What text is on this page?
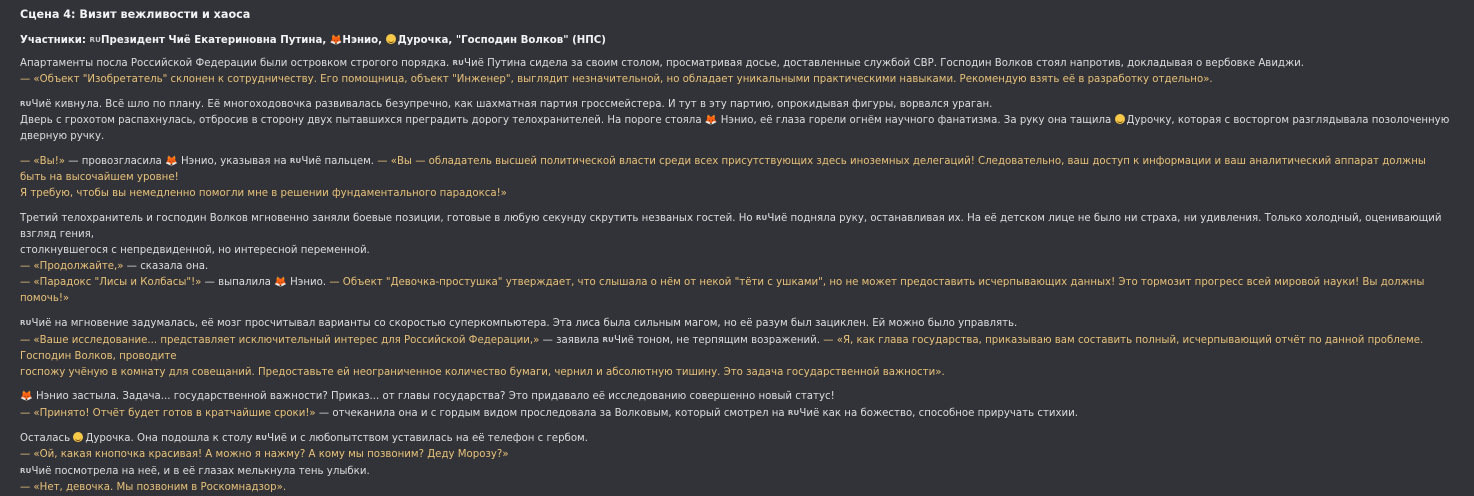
Сцена 4: Визит вежливости и хаоса
Участники: RUПрезидент Чиё Екатериновна Путина, 🦊Нэнио, Дурочка, "Господин Волков" (НПС)
Апартаменты посла Российской Федерации были островком строгого порядка. RUЧиё Путина сидела за своим столом, просматривая досье, доставленные службой СВР. Господин Волков стоял напротив, докладывая о вербовке Авиджи.
— «Объект "Изобретатель" склонен к сотрудничеству. Его помощница, объект "Инженер", выглядит незначительной, но обладает уникальными практическими навыками. Рекомендую взять её в разработку отдельно».
RUЧиё кивнула. Всё шло по плану. Её многоходовочка развивалась безупречно, как шахматная партия гроссмейстера. И тут в эту партию, опрокидывая фигуры, ворвался ураган.
Дверь с грохотом распахнулась, отбросив в сторону двух пытавшихся преградить дорогу телохранителей. На пороге стояла 🦊 Нэнио, её глаза горели огнём научного фанатизма. За руку она тащила Дурочку, которая с восторгом разглядывала позолоченную дверную ручку.
— «Вы!» — провозгласила 🦊 Нэнио, указывая на RUЧиё пальцем. — «Вы — обладатель высшей политической власти среди всех присутствующих здесь иноземных делегаций! Следовательно, ваш доступ к информации и ваш аналитический аппарат должны быть на высочайшем уровне!
Я требую, чтобы вы немедленно помогли мне в решении фундаментального парадокса!»
Третий телохранитель и господин Волков мгновенно заняли боевые позиции, готовые в любую секунду скрутить незваных гостей. Но RUЧиё подняла руку, останавливая их. На её детском лице не было ни страха, ни удивления. Только холодный, оценивающий взгляд гения,
столкнувшегося с непредвиденной, но интересной переменной.
— «Продолжайте,» — сказала она.
— «Парадокс "Лисы и Колбасы"!» — выпалила 🦊 Нэнио. — Объект "Девочка-простушка" утверждает, что слышала о нём от некой "тёти с ушками", но не может предоставить исчерпывающих данных! Это тормозит прогресс всей мировой науки! Вы должны помочь!»
RUЧиё на мгновение задумалась, её мозг просчитывал варианты со скоростью суперкомпьютера. Эта лиса была сильным магом, но её разум был зациклен. Ей можно было управлять.
— «Ваше исследование... представляет исключительный интерес для Российской Федерации,» — заявила RUЧиё тоном, не терпящим возражений. — «Я, как глава государства, приказываю вам составить полный, исчерпывающий отчёт по данной проблеме. Господин Волков, проводите
госпожу учёную в комнату для совещаний. Предоставьте ей неограниченное количество бумаги, чернил и абсолютную тишину. Это задача государственной важности».
🦊 Нэнио застыла. Задача... государственной важности? Приказ... от главы государства? Это придавало её исследованию совершенно новый статус!
— «Принято! Отчёт будет готов в кратчайшие сроки!» — отчеканила она и с гордым видом проследовала за Волковым, который смотрел на RUЧиё как на божество, способное приручать стихии.
Осталась Дурочка. Она подошла к столу RUЧиё и с любопытством уставилась на её телефон с гербом.
— «Ой, какая кнопочка красивая! А можно я нажму? А кому мы позвоним? Деду Морозу?»
RUЧиё посмотрела на неё, и в её глазах мелькнула тень улыбки.
— «Нет, девочка. Мы позвоним в Роскомнадзор».
